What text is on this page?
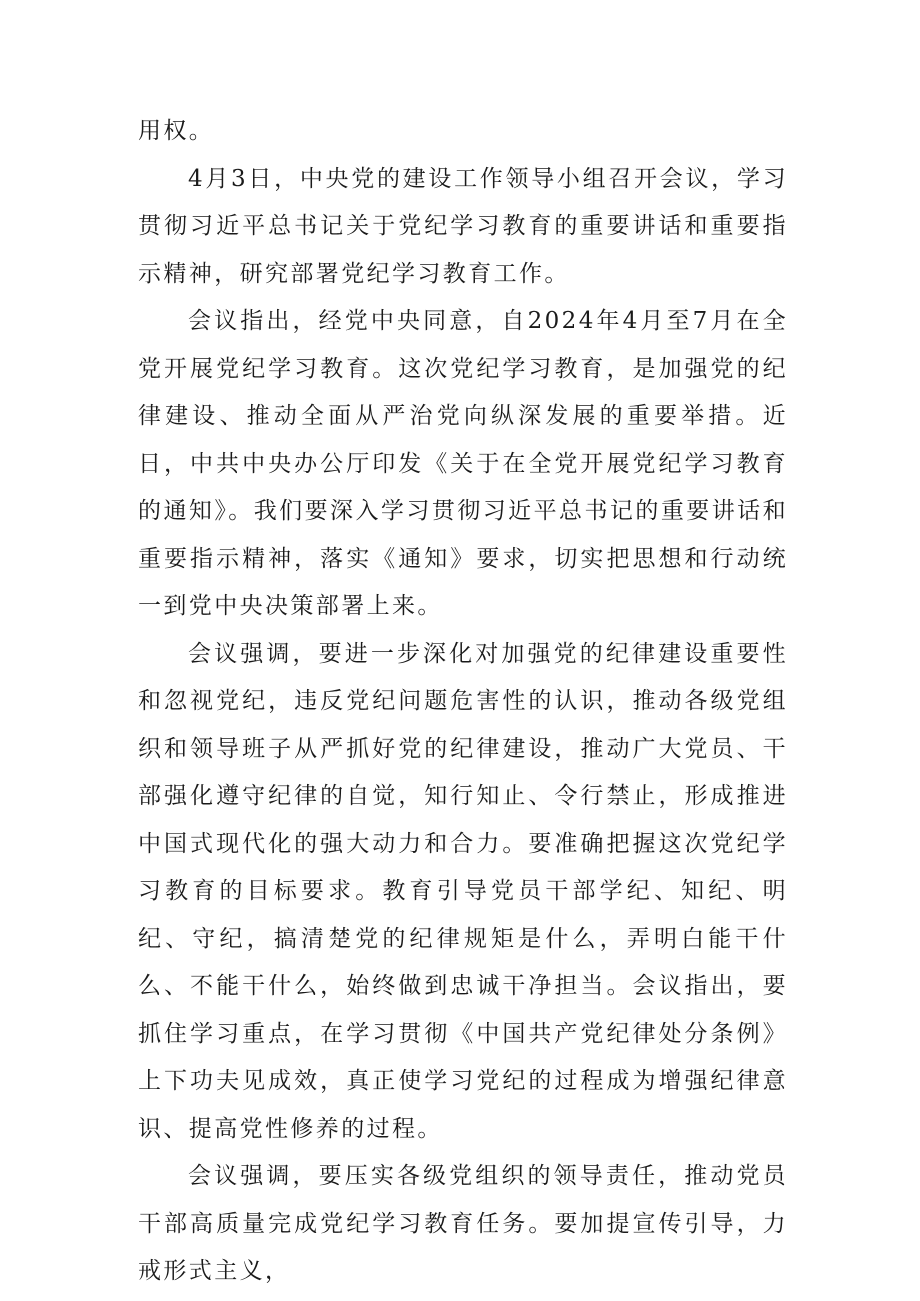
用权。

4月3日，中央党的建设工作领导小组召开会议，学习贯彻习近平总书记关于党纪学习教育的重要讲话和重要指示精神，研究部署党纪学习教育工作。

会议指出，经党中央同意，自2024年4月至7月在全党开展党纪学习教育。这次党纪学习教育，是加强党的纪律建设、推动全面从严治党向纵深发展的重要举措。近日，中共中央办公厅印发《关于在全党开展党纪学习教育的通知》。我们要深入学习贯彻习近平总书记的重要讲话和重要指示精神，落实《通知》要求，切实把思想和行动统一到党中央决策部署上来。

会议强调，要进一步深化对加强党的纪律建设重要性和忽视党纪，违反党纪问题危害性的认识，推动各级党组织和领导班子从严抓好党的纪律建设，推动广大党员、干部强化遵守纪律的自觉，知行知止、令行禁止，形成推进中国式现代化的强大动力和合力。要准确把握这次党纪学习教育的目标要求。教育引导党员干部学纪、知纪、明纪、守纪，搞清楚党的纪律规矩是什么，弄明白能干什么、不能干什么，始终做到忠诚干净担当。会议指出，要抓住学习重点，在学习贯彻《中国共产党纪律处分条例》上下功夫见成效，真正使学习党纪的过程成为增强纪律意识、提高党性修养的过程。

会议强调，要压实各级党组织的领导责任，推动党员干部高质量完成党纪学习教育任务。要加提宣传引导，力戒形式主义，
